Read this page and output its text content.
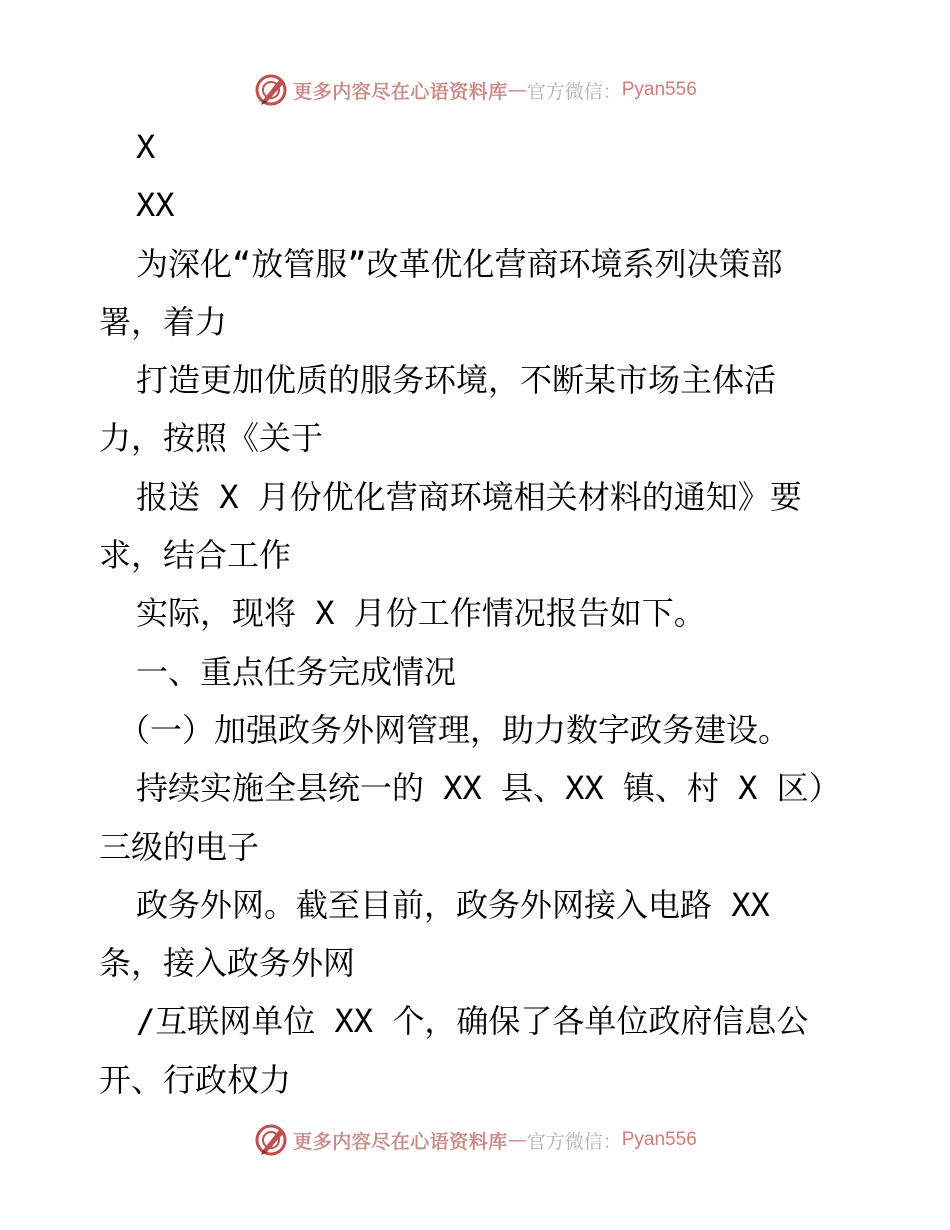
更多内容尽在心语资料库 — 官方微信： Pyan556
X
XX
为深化“放管服”改革优化营商环境系列决策部
署，着力
打造更加优质的服务环境，不断某市场主体活
力，按照《关于
报送 X 月份优化营商环境相关材料的通知》要
求，结合工作
实际，现将 X 月份工作情况报告如下。
一、重点任务完成情况
（一）加强政务外网管理，助力数字政务建设。
持续实施全县统一的 XX 县、XX 镇、村 X 区）
三级的电子
政务外网。截至目前，政务外网接入电路 XX
条，接入政务外网
/互联网单位 XX 个，确保了各单位政府信息公
开、行政权力
更多内容尽在心语资料库 — 官方微信： Pyan556
